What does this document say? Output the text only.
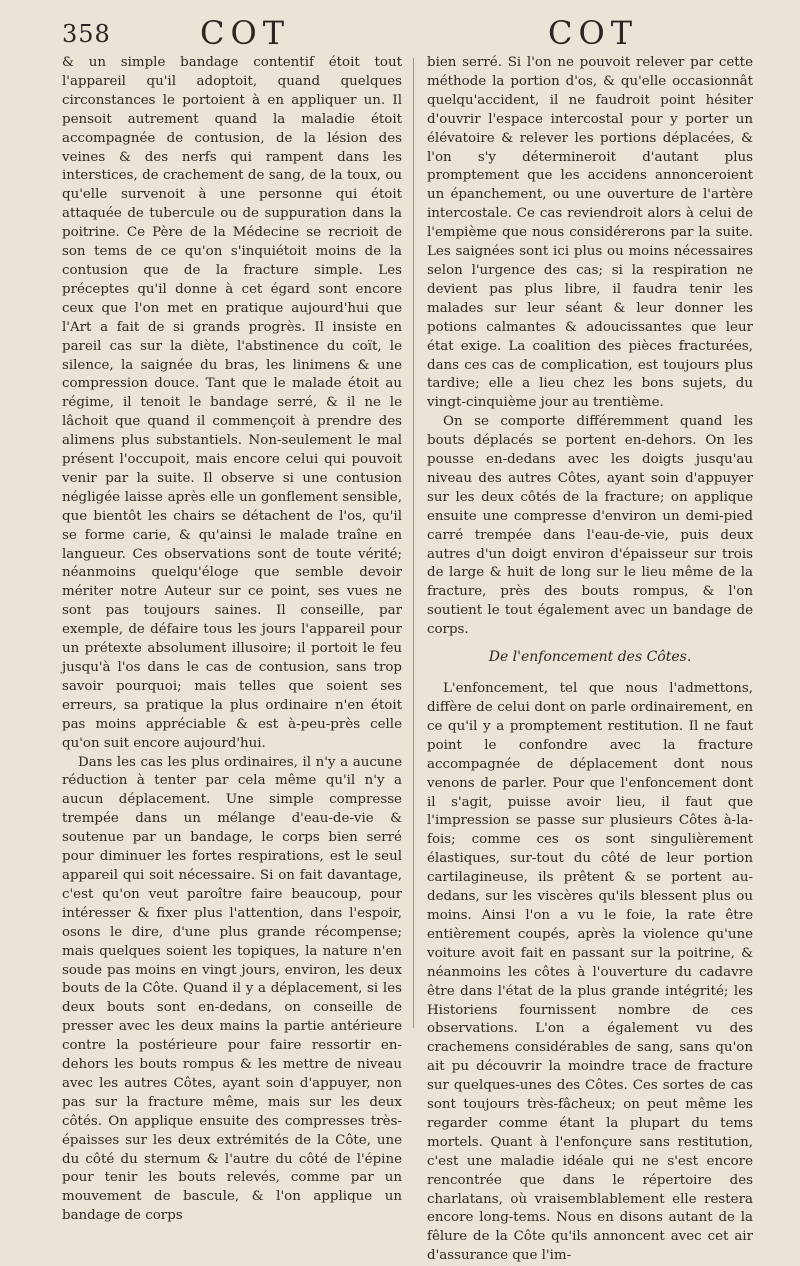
358	COT	COT

& un simple bandage contentif étoit tout l'appareil qu'il adoptoit, quand quelques circonstances le portoient à en appliquer un. Il pensoit autrement quand la maladie étoit accompagnée de contusion, de la lésion des veines & des nerfs qui rampent dans les interstices, de crachement de sang, de la toux, ou qu'elle survenoit à une personne qui étoit attaquée de tubercule ou de suppuration dans la poitrine. Ce Père de la Médecine se recrioit de son tems de ce qu'on s'inquiétoit moins de la contusion que de la fracture simple. Les préceptes qu'il donne à cet égard sont encore ceux que l'on met en pratique aujourd'hui que l'Art a fait de si grands progrès. Il insiste en pareil cas sur la diète, l'abstinence du coït, le silence, la saignée du bras, les linimens & une compression douce. Tant que le malade étoit au régime, il tenoit le bandage serré, & il ne le lâchoit que quand il commençoit à prendre des alimens plus substantiels. Non-seulement le mal présent l'occupoit, mais encore celui qui pouvoit venir par la suite. Il observe si une contusion négligée laisse après elle un gonflement sensible, que bientôt les chairs se détachent de l'os, qu'il se forme carie, & qu'ainsi le malade traîne en langueur. Ces observations sont de toute vérité; néanmoins quelqu'éloge que semble devoir mériter notre Auteur sur ce point, ses vues ne sont pas toujours saines. Il conseille, par exemple, de défaire tous les jours l'appareil pour un prétexte absolument illusoire; il portoit le feu jusqu'à l'os dans le cas de contusion, sans trop savoir pourquoi; mais telles que soient ses erreurs, sa pratique la plus ordinaire n'en étoit pas moins appréciable & est à-peu-près celle qu'on suit encore aujourd'hui.

Dans les cas les plus ordinaires, il n'y a aucune réduction à tenter par cela même qu'il n'y a aucun déplacement. Une simple compresse trempée dans un mélange d'eau-de-vie & soutenue par un bandage, le corps bien serré pour diminuer les fortes respirations, est le seul appareil qui soit nécessaire. Si on fait davantage, c'est qu'on veut paroître faire beaucoup, pour intéresser & fixer plus l'attention, dans l'espoir, osons le dire, d'une plus grande récompense; mais quelques soient les topiques, la nature n'en soude pas moins en vingt jours, environ, les deux bouts de la Côte. Quand il y a déplacement, si les deux bouts sont en-dedans, on conseille de presser avec les deux mains la partie antérieure contre la postérieure pour faire ressortir en-dehors les bouts rompus & les mettre de niveau avec les autres Côtes, ayant soin d'appuyer, non pas sur la fracture même, mais sur les deux côtés. On applique ensuite des compresses très-épaisses sur les deux extrémités de la Côte, une du côté du sternum & l'autre du côté de l'épine pour tenir les bouts relevés, comme par un mouvement de bascule, & l'on applique un bandage de corps

bien serré. Si l'on ne pouvoit relever par cette méthode la portion d'os, & qu'elle occasionnât quelqu'accident, il ne faudroit point hésiter d'ouvrir l'espace intercostal pour y porter un élévatoire & relever les portions déplacées, & l'on s'y détermineroit d'autant plus promptement que les accidens annonceroient un épanchement, ou une ouverture de l'artère intercostale. Ce cas reviendroit alors à celui de l'empième que nous considérerons par la suite. Les saignées sont ici plus ou moins nécessaires selon l'urgence des cas; si la respiration ne devient pas plus libre, il faudra tenir les malades sur leur séant & leur donner les potions calmantes & adoucissantes que leur état exige. La coalition des pièces fracturées, dans ces cas de complication, est toujours plus tardive; elle a lieu chez les bons sujets, du vingt-cinquième jour au trentième.

On se comporte différemment quand les bouts déplacés se portent en-dehors. On les pousse en-dedans avec les doigts jusqu'au niveau des autres Côtes, ayant soin d'appuyer sur les deux côtés de la fracture; on applique ensuite une compresse d'environ un demi-pied carré trempée dans l'eau-de-vie, puis deux autres d'un doigt environ d'épaisseur sur trois de large & huit de long sur le lieu même de la fracture, près des bouts rompus, & l'on soutient le tout également avec un bandage de corps.

De l'enfoncement des Côtes.

L'enfoncement, tel que nous l'admettons, diffère de celui dont on parle ordinairement, en ce qu'il y a promptement restitution. Il ne faut point le confondre avec la fracture accompagnée de déplacement dont nous venons de parler. Pour que l'enfoncement dont il s'agit, puisse avoir lieu, il faut que l'impression se passe sur plusieurs Côtes à-la-fois; comme ces os sont singulièrement élastiques, sur-tout du côté de leur portion cartilagineuse, ils prêtent & se portent au-dedans, sur les viscères qu'ils blessent plus ou moins. Ainsi l'on a vu le foie, la rate être entièrement coupés, après la violence qu'une voiture avoit fait en passant sur la poitrine, & néanmoins les côtes à l'ouverture du cadavre être dans l'état de la plus grande intégrité; les Historiens fournissent nombre de ces observations. L'on a également vu des crachemens considérables de sang, sans qu'on ait pu découvrir la moindre trace de fracture sur quelques-unes des Côtes. Ces sortes de cas sont toujours très-fâcheux; on peut même les regarder comme étant la plupart du tems mortels. Quant à l'enfonçure sans restitution, c'est une maladie idéale qui ne s'est encore rencontrée que dans le répertoire des charlatans, où vraisemblablement elle restera encore long-tems. Nous en disons autant de la fêlure de la Côte qu'ils annoncent avec cet air d'assurance que l'im-
